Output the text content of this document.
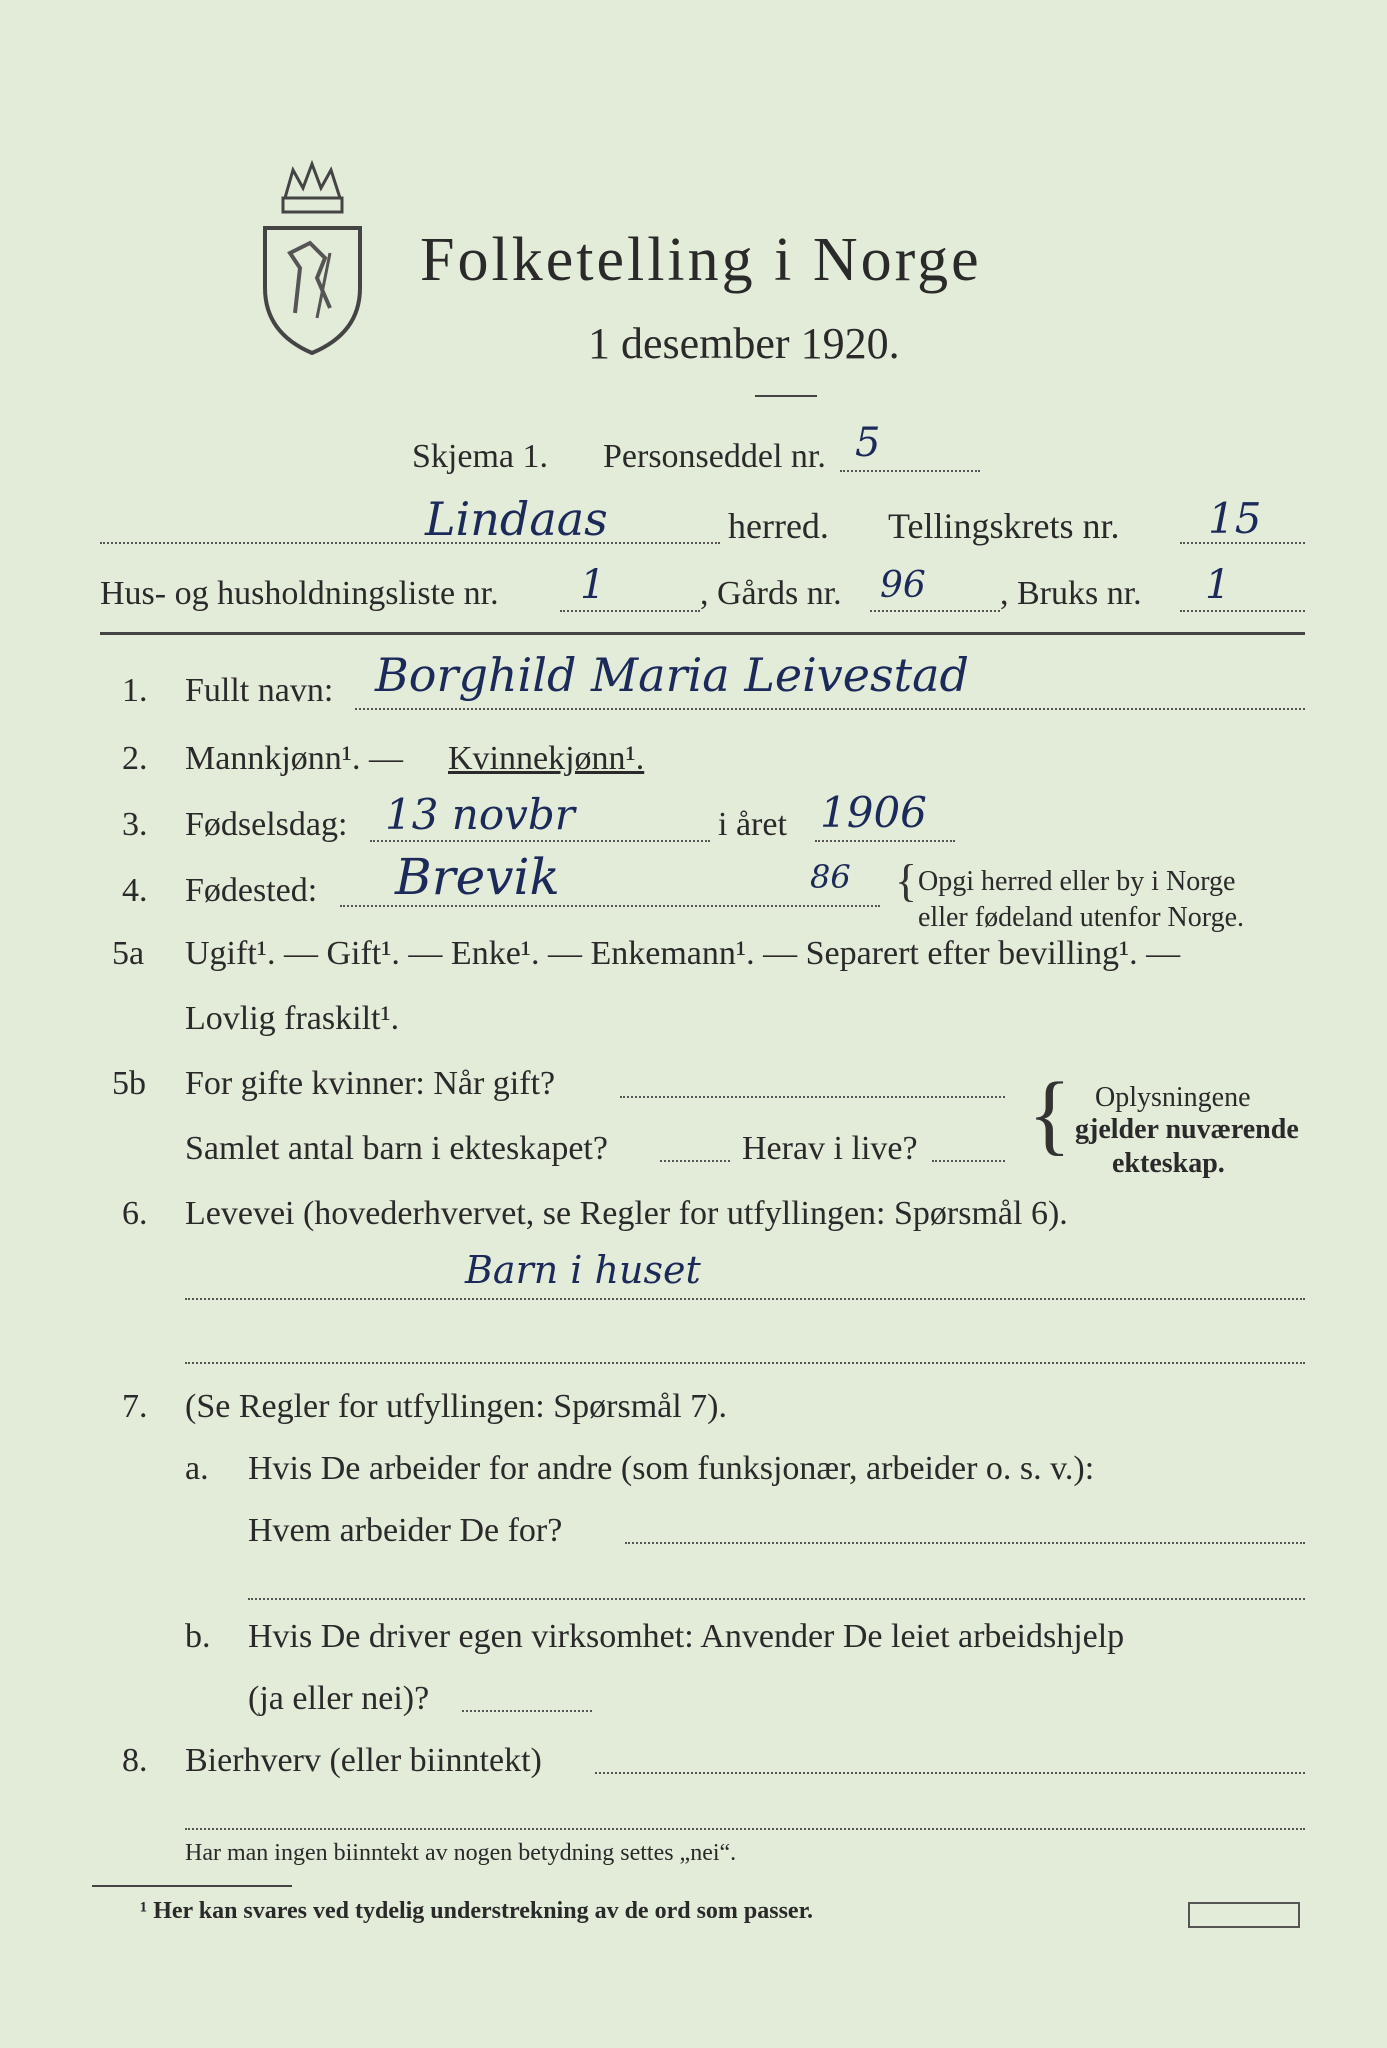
Folketelling i Norge
1 desember 1920.
Skjema 1. Personseddel nr. 5
Lindaas	herred. Tellingskrets nr. 15
Hus- og husholdningsliste nr. 1	, Gårds nr. 96 , Bruks nr. 1
1. Fullt navn: Borghild Maria Leivestad
2. Mannkjønn¹. — Kvinnekjønn¹.
3. Fødselsdag: 13 novbr	i året 1906
4. Fødested: Brevik	86 { Opgi herred eller by i Norge
eller fødeland utenfor Norge.
5a Ugift¹. — Gift¹. — Enke¹. — Enkemann¹. — Separert efter bevilling¹. —
Lovlig fraskilt¹.
5b For gifte kvinner: Når gift?
Samlet antal barn i ekteskapet?	Herav i live? { Oplysningene
gjelder nuværende
ekteskap.
6. Levevei (hovederhvervet, se Regler for utfyllingen: Spørsmål 6).
Barn i huset
7. (Se Regler for utfyllingen: Spørsmål 7).
a. Hvis De arbeider for andre (som funksjonær, arbeider o. s. v.):
Hvem arbeider De for?
b. Hvis De driver egen virksomhet: Anvender De leiet arbeidshjelp
(ja eller nei)?
8. Bierhverv (eller biinntekt)
Har man ingen biinntekt av nogen betydning settes „nei“.
¹ Her kan svares ved tydelig understrekning av de ord som passer.
